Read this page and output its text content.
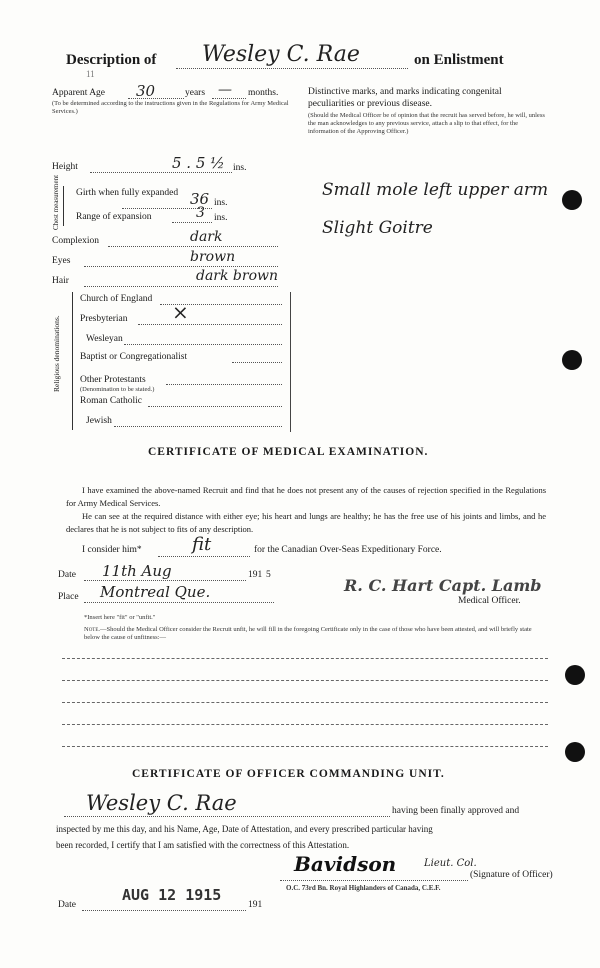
Description of Wesley C. Rae	on Enlistment
11
Apparent Age 30	years — months.
(To be determined according to the instructions given in the Regulations for Army Medical Services.)
Height	5 . 5 ½ ins.
Chest measurement Girth when fully expanded 36 ins.
Range of expansion	3 ins.
Complexion	dark
Eyes	brown
Hair	dark brown
Religious denominations.
Church of England
Presbyterian ×
Wesleyan
Baptist or Congregationalist
Other Protestants
(Denomination to be stated.)
Roman Catholic
Jewish
Distinctive marks, and marks indicating congenital peculiarities or previous disease.
(Should the Medical Officer be of opinion that the recruit has served before, he will, unless the man acknowledges to any previous service, attach a slip to that effect, for the information of the Approving Officer.)
Small mole left upper arm
Slight Goitre
CERTIFICATE OF MEDICAL EXAMINATION.
I have examined the above-named Recruit and find that he does not present any of the causes of rejection specified in the Regulations for Army Medical Services.
He can see at the required distance with either eye; his heart and lungs are healthy; he has the free use of his joints and limbs, and he declares that he is not subject to fits of any description.
I consider him*	fit	for the Canadian Over-Seas Expeditionary Force.
Date 11th Aug	191 5
Place Montreal Que.	R. C. Hart Capt. Lamb
Medical Officer.
*Insert here "fit" or "unfit."
Note.—Should the Medical Officer consider the Recruit unfit, he will fill in the foregoing Certificate only in the case of those who have been attested, and will briefly state below the cause of unfitness:—
CERTIFICATE OF OFFICER COMMANDING UNIT.
Wesley C. Rae	having been finally approved and
inspected by me this day, and his Name, Age, Date of Attestation, and every prescribed particular having
been recorded, I certify that I am satisfied with the correctness of this Attestation.
Bavidson	Lieut. Col.
(Signature of Officer)
O.C. 73rd Bn. Royal Highlanders of Canada, C.E.F.
AUG 12 1915
Date	191
